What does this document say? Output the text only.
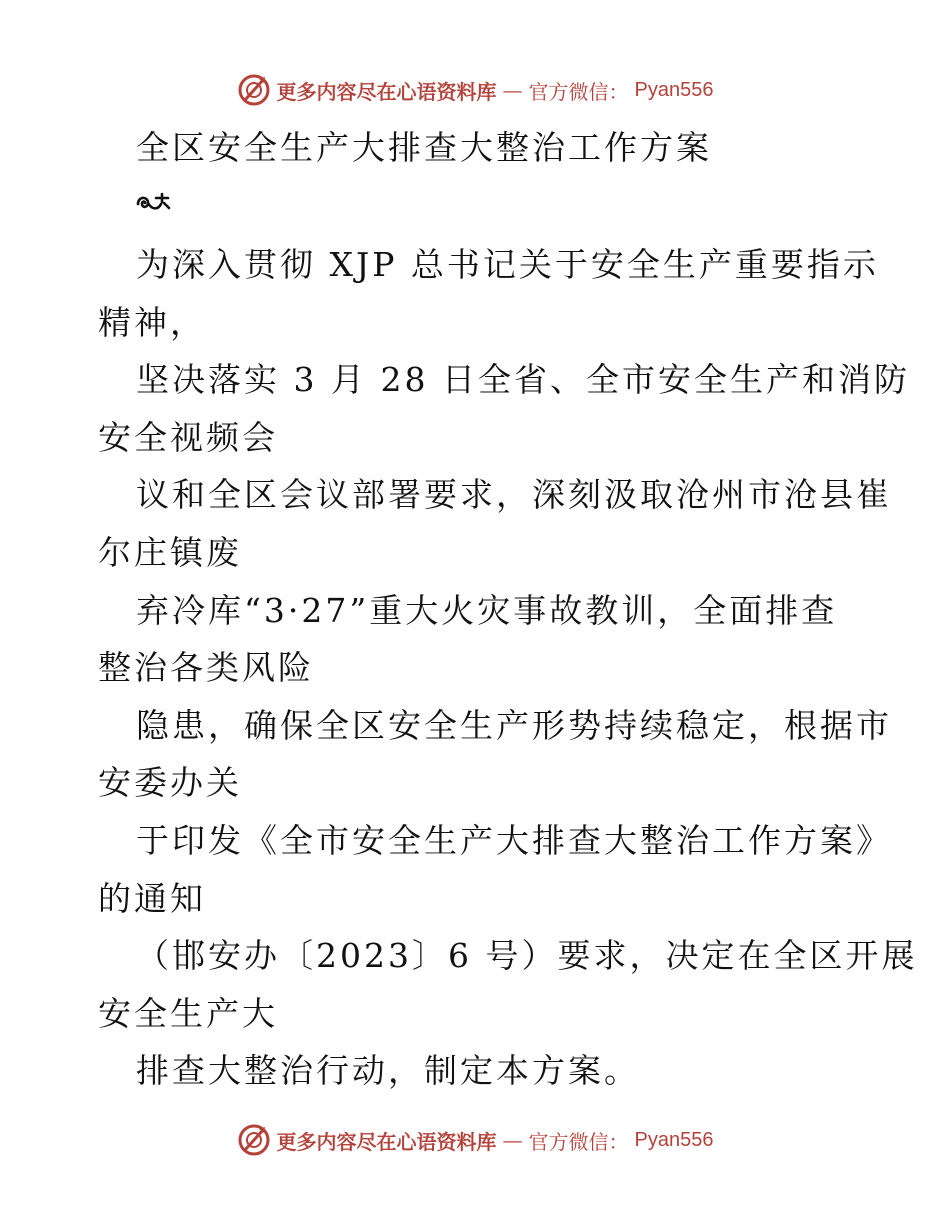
更多内容尽在心语资料库 — 官方微信： Pyan556
全区安全生产大排查大整治工作方案
为深入贯彻 XJP 总书记关于安全生产重要指示
精神，
坚决落实 3 月 28 日全省、全市安全生产和消防
安全视频会
议和全区会议部署要求，深刻汲取沧州市沧县崔
尔庄镇废
弃冷库“3·27”重大火灾事故教训，全面排查
整治各类风险
隐患，确保全区安全生产形势持续稳定，根据市
安委办关
于印发《全市安全生产大排查大整治工作方案》
的通知
（邯安办〔2023〕6 号）要求，决定在全区开展
安全生产大
排查大整治行动，制定本方案。
更多内容尽在心语资料库 — 官方微信： Pyan556
